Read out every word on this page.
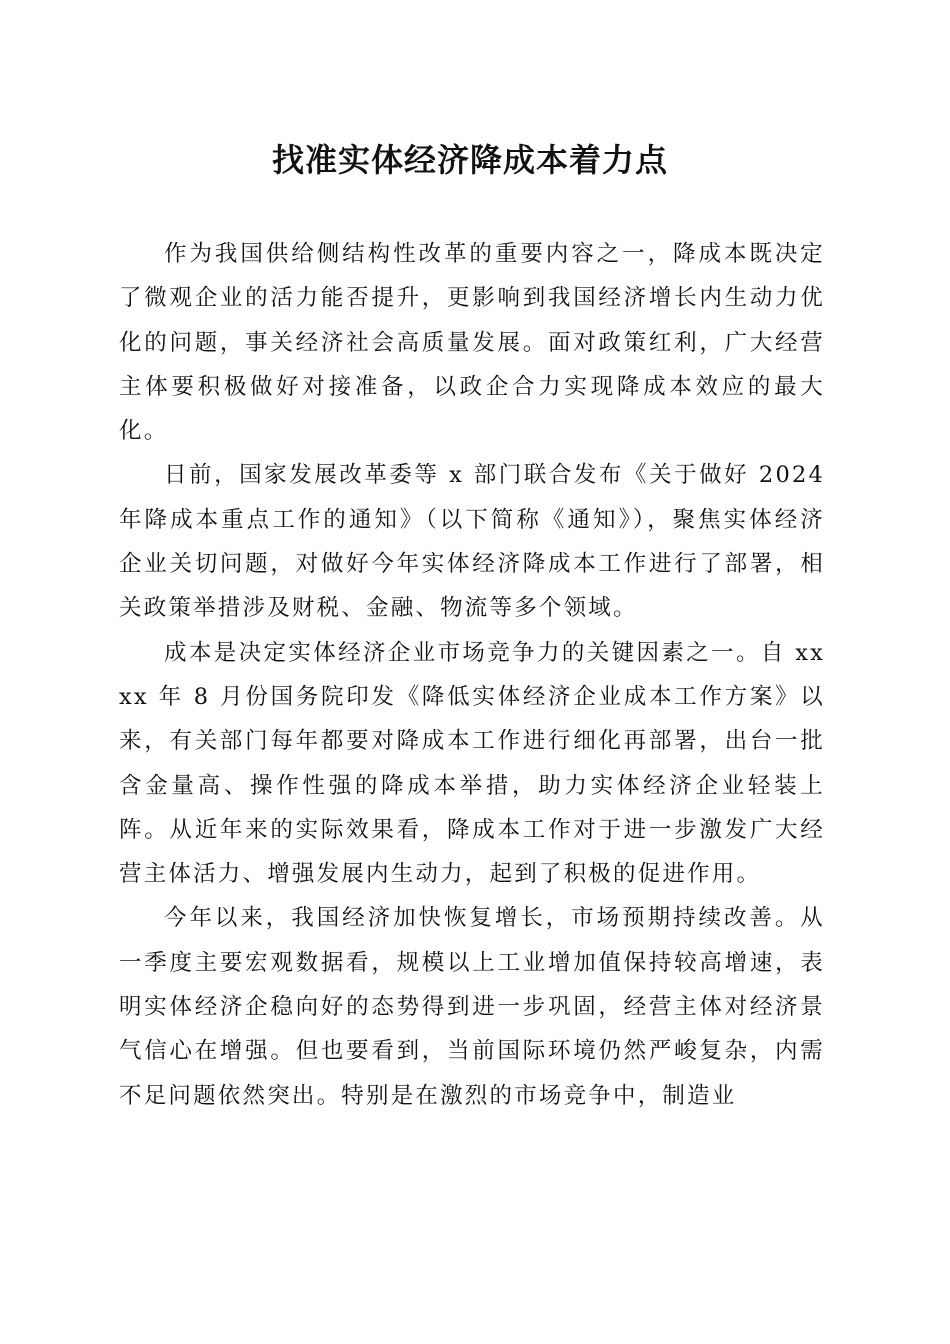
找准实体经济降成本着力点

作为我国供给侧结构性改革的重要内容之一，降成本既决定了微观企业的活力能否提升，更影响到我国经济增长内生动力优化的问题，事关经济社会高质量发展。面对政策红利，广大经营主体要积极做好对接准备，以政企合力实现降成本效应的最大化。

日前，国家发展改革委等 x 部门联合发布《关于做好 2024 年降成本重点工作的通知》（以下简称《通知》），聚焦实体经济企业关切问题，对做好今年实体经济降成本工作进行了部署，相关政策举措涉及财税、金融、物流等多个领域。

成本是决定实体经济企业市场竞争力的关键因素之一。自 xxxx 年 8 月份国务院印发《降低实体经济企业成本工作方案》以来，有关部门每年都要对降成本工作进行细化再部署，出台一批含金量高、操作性强的降成本举措，助力实体经济企业轻装上阵。从近年来的实际效果看，降成本工作对于进一步激发广大经营主体活力、增强发展内生动力，起到了积极的促进作用。

今年以来，我国经济加快恢复增长，市场预期持续改善。从一季度主要宏观数据看，规模以上工业增加值保持较高增速，表明实体经济企稳向好的态势得到进一步巩固，经营主体对经济景气信心在增强。但也要看到，当前国际环境仍然严峻复杂，内需不足问题依然突出。特别是在激烈的市场竞争中，制造业
